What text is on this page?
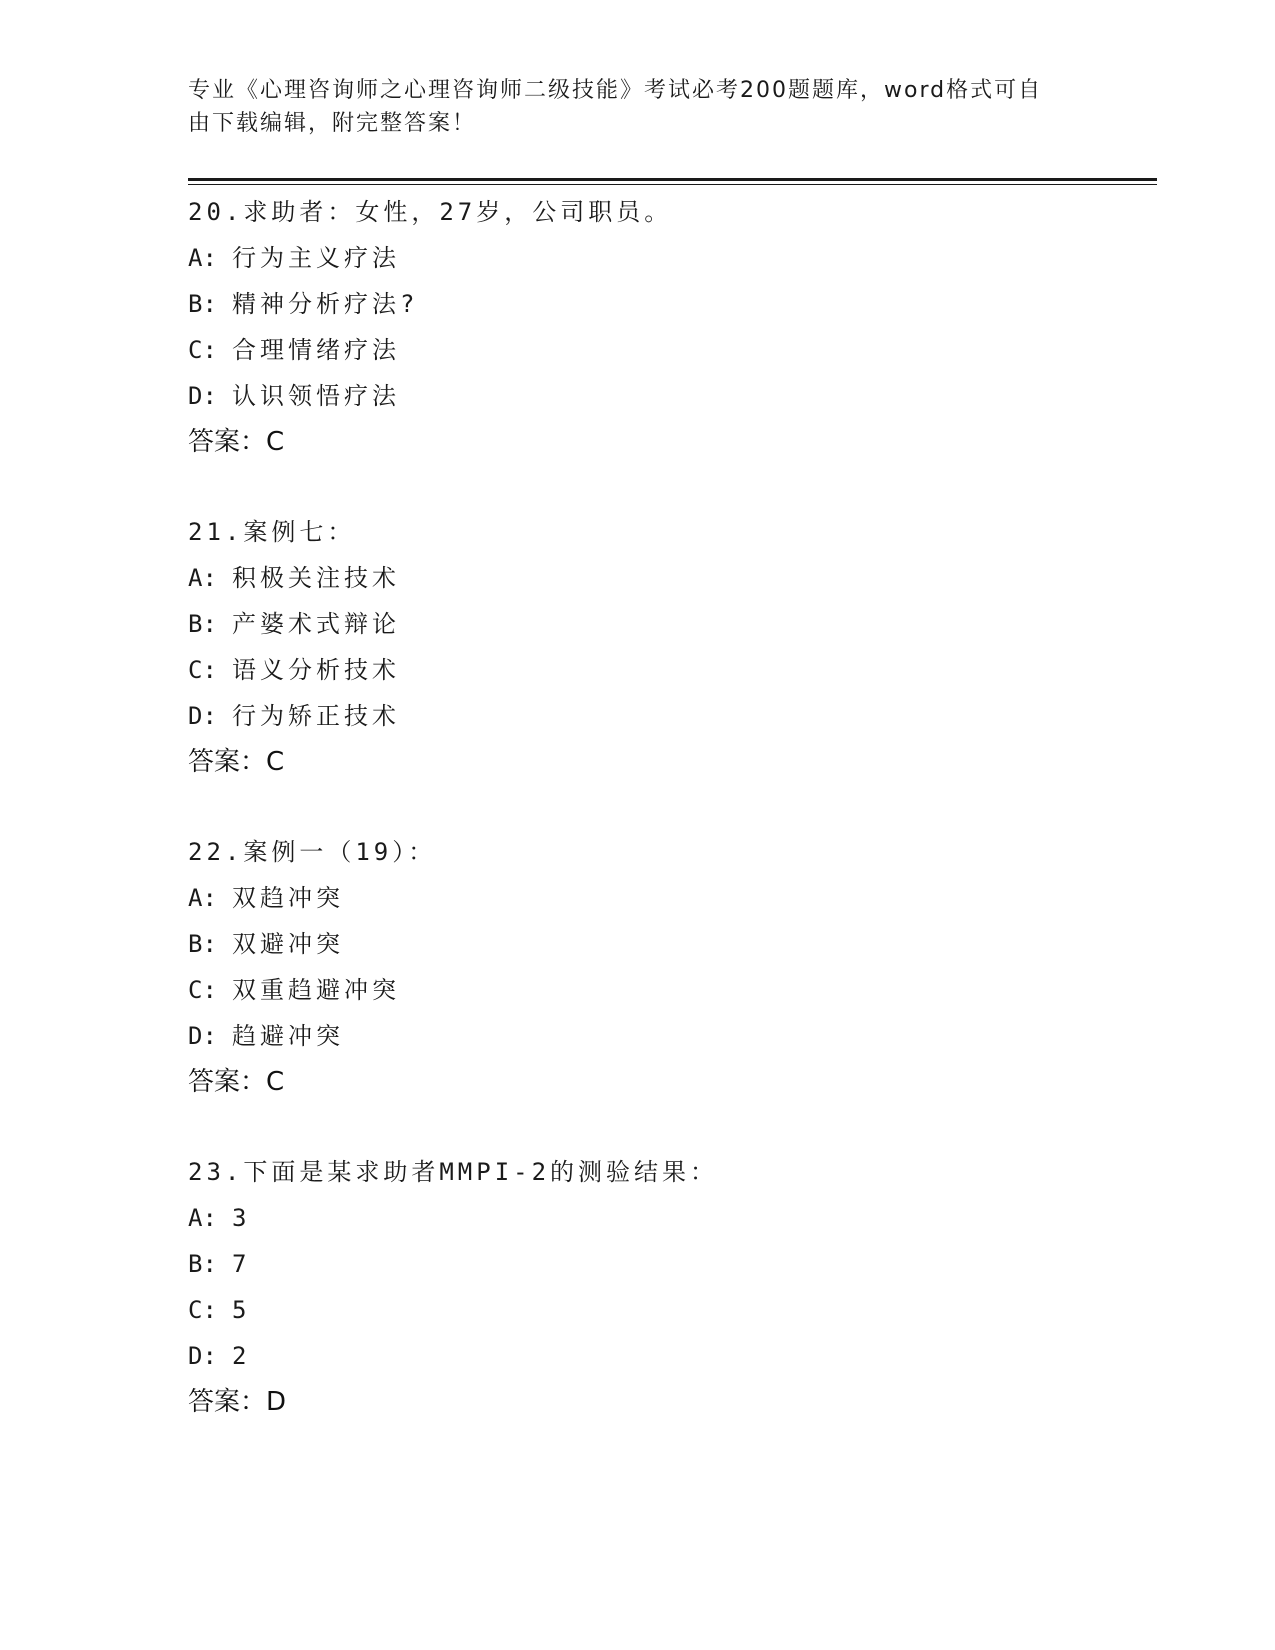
专业《心理咨询师之心理咨询师二级技能》考试必考200题题库，word格式可自
由下载编辑，附完整答案！
20.求助者：女性，27岁，公司职员。
A: 行为主义疗法
B: 精神分析疗法?
C: 合理情绪疗法
D: 认识领悟疗法
答案：C
21.案例七：
A: 积极关注技术
B: 产婆术式辩论
C: 语义分析技术
D: 行为矫正技术
答案：C
22.案例一（19）：
A: 双趋冲突
B: 双避冲突
C: 双重趋避冲突
D: 趋避冲突
答案：C
23.下面是某求助者MMPI-2的测验结果：
A: 3
B: 7
C: 5
D: 2
答案：D
